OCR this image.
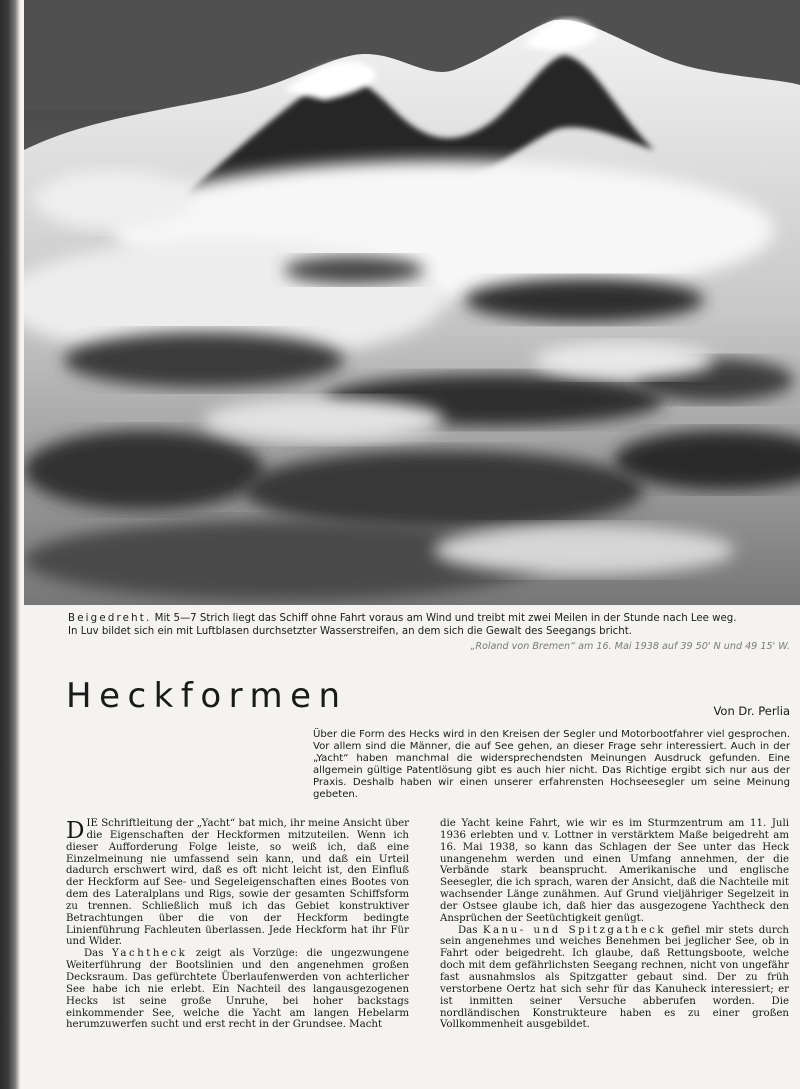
Beigedreht. Mit 5—7 Strich liegt das Schiff ohne Fahrt voraus am Wind und treibt mit zwei Meilen in der Stunde nach Lee weg.
In Luv bildet sich ein mit Luftblasen durchsetzter Wasserstreifen, an dem sich die Gewalt des Seegangs bricht.
„Roland von Bremen“ am 16. Mai 1938 auf 39 50' N und 49 15' W.
Heckformen	Von Dr. Perlia
Über die Form des Hecks wird in den Kreisen der Segler und Motorbootfahrer viel gesprochen. Vor allem sind die Männer, die auf See gehen, an dieser Frage sehr interessiert. Auch in der „Yacht“ haben manchmal die widersprechendsten Meinungen Ausdruck gefunden. Eine allgemein gültige Patentlösung gibt es auch hier nicht. Das Richtige ergibt sich nur aus der Praxis. Deshalb haben wir einen unserer erfahrensten Hochseesegler um seine Meinung gebeten.

DIE Schriftleitung der „Yacht“ bat mich, ihr meine Ansicht über die Eigenschaften der Heckformen mitzuteilen. Wenn ich dieser Aufforderung Folge leiste, so weiß ich, daß eine Einzelmeinung nie umfassend sein kann, und daß ein Urteil dadurch erschwert wird, daß es oft nicht leicht ist, den Einfluß der Heckform auf See- und Segeleigenschaften eines Bootes von dem des Lateralplans und Rigs, sowie der gesamten Schiffsform zu trennen. Schließlich muß ich das Gebiet konstruktiver Betrachtungen über die von der Heckform bedingte Linienführung Fachleuten überlassen. Jede Heckform hat ihr Für und Wider.

Das Yachtheck zeigt als Vorzüge: die ungezwungene Weiterführung der Bootslinien und den angenehmen großen Decksraum. Das gefürchtete Überlaufenwerden von achterlicher See habe ich nie erlebt. Ein Nachteil des langausgezogenen Hecks ist seine große Unruhe, bei hoher backstags einkommender See, welche die Yacht am langen Hebelarm herumzuwerfen sucht und erst recht in der Grundsee. Macht

die Yacht keine Fahrt, wie wir es im Sturmzentrum am 11. Juli 1936 erlebten und v. Lottner in verstärktem Maße beigedreht am 16. Mai 1938, so kann das Schlagen der See unter das Heck unangenehm werden und einen Umfang annehmen, der die Verbände stark beansprucht. Amerikanische und englische Seesegler, die ich sprach, waren der Ansicht, daß die Nachteile mit wachsender Länge zunähmen. Auf Grund vieljähriger Segelzeit in der Ostsee glaube ich, daß hier das ausgezogene Yachtheck den Ansprüchen der Seetüchtigkeit genügt.

Das Kanu- und Spitzgatheck gefiel mir stets durch sein angenehmes und weiches Benehmen bei jeglicher See, ob in Fahrt oder beigedreht. Ich glaube, daß Rettungsboote, welche doch mit dem gefährlichsten Seegang rechnen, nicht von ungefähr fast ausnahmslos als Spitzgatter gebaut sind. Der zu früh verstorbene Oertz hat sich sehr für das Kanuheck interessiert; er ist inmitten seiner Versuche abberufen worden. Die nordländischen Konstrukteure haben es zu einer großen Vollkommenheit ausgebildet.
